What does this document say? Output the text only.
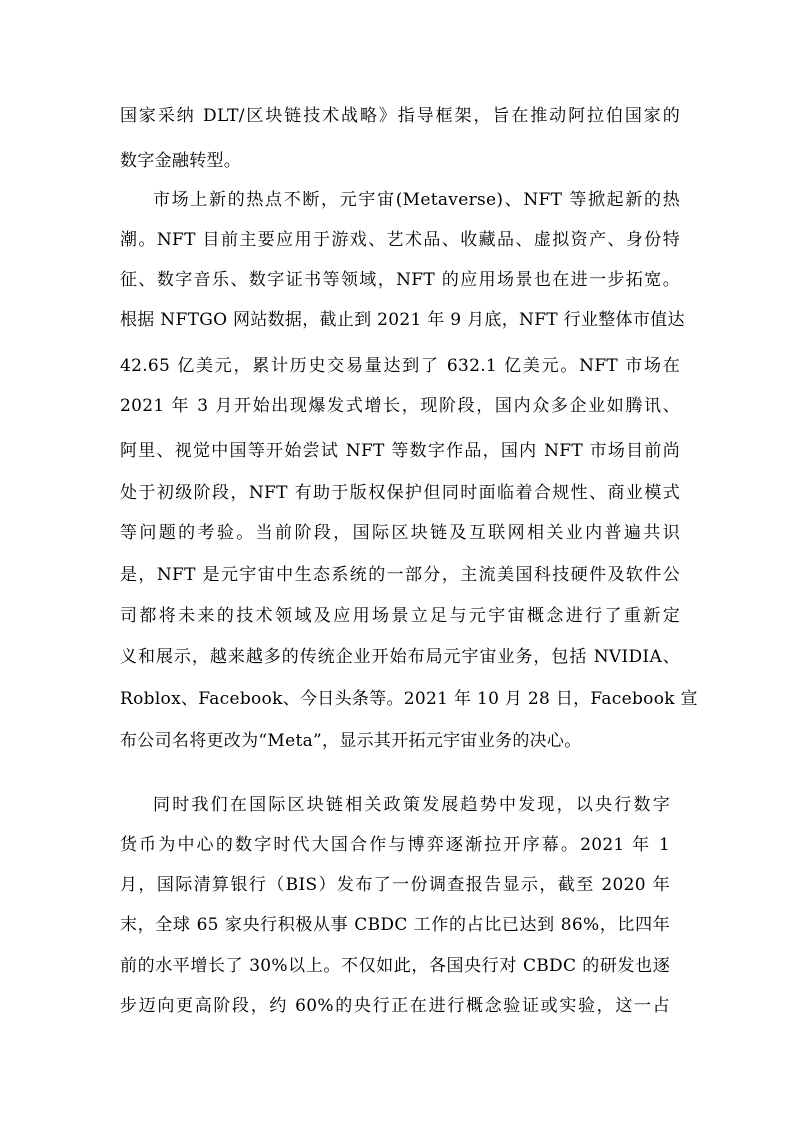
国家采纳 DLT/区块链技术战略》指导框架，旨在推动阿拉伯国家的
数字金融转型。
市场上新的热点不断，元宇宙(Metaverse)、NFT 等掀起新的热
潮。NFT 目前主要应用于游戏、艺术品、收藏品、虚拟资产、身份特
征、数字音乐、数字证书等领域，NFT 的应用场景也在进一步拓宽。
根据 NFTGO 网站数据，截止到 2021 年 9 月底，NFT 行业整体市值达
42.65 亿美元，累计历史交易量达到了 632.1 亿美元。NFT 市场在
2021 年 3 月开始出现爆发式增长，现阶段，国内众多企业如腾讯、
阿里、视觉中国等开始尝试 NFT 等数字作品，国内 NFT 市场目前尚
处于初级阶段，NFT 有助于版权保护但同时面临着合规性、商业模式
等问题的考验。当前阶段，国际区块链及互联网相关业内普遍共识
是，NFT 是元宇宙中生态系统的一部分，主流美国科技硬件及软件公
司都将未来的技术领域及应用场景立足与元宇宙概念进行了重新定
义和展示，越来越多的传统企业开始布局元宇宙业务，包括 NVIDIA、
Roblox、Facebook、今日头条等。2021 年 10 月 28 日，Facebook 宣
布公司名将更改为“Meta”，显示其开拓元宇宙业务的决心。
同时我们在国际区块链相关政策发展趋势中发现，以央行数字
货币为中心的数字时代大国合作与博弈逐渐拉开序幕。2021 年 1
月，国际清算银行（BIS）发布了一份调查报告显示，截至 2020 年
末，全球 65 家央行积极从事 CBDC 工作的占比已达到 86%，比四年
前的水平增长了 30%以上。不仅如此，各国央行对 CBDC 的研发也逐
步迈向更高阶段，约 60%的央行正在进行概念验证或实验，这一占
